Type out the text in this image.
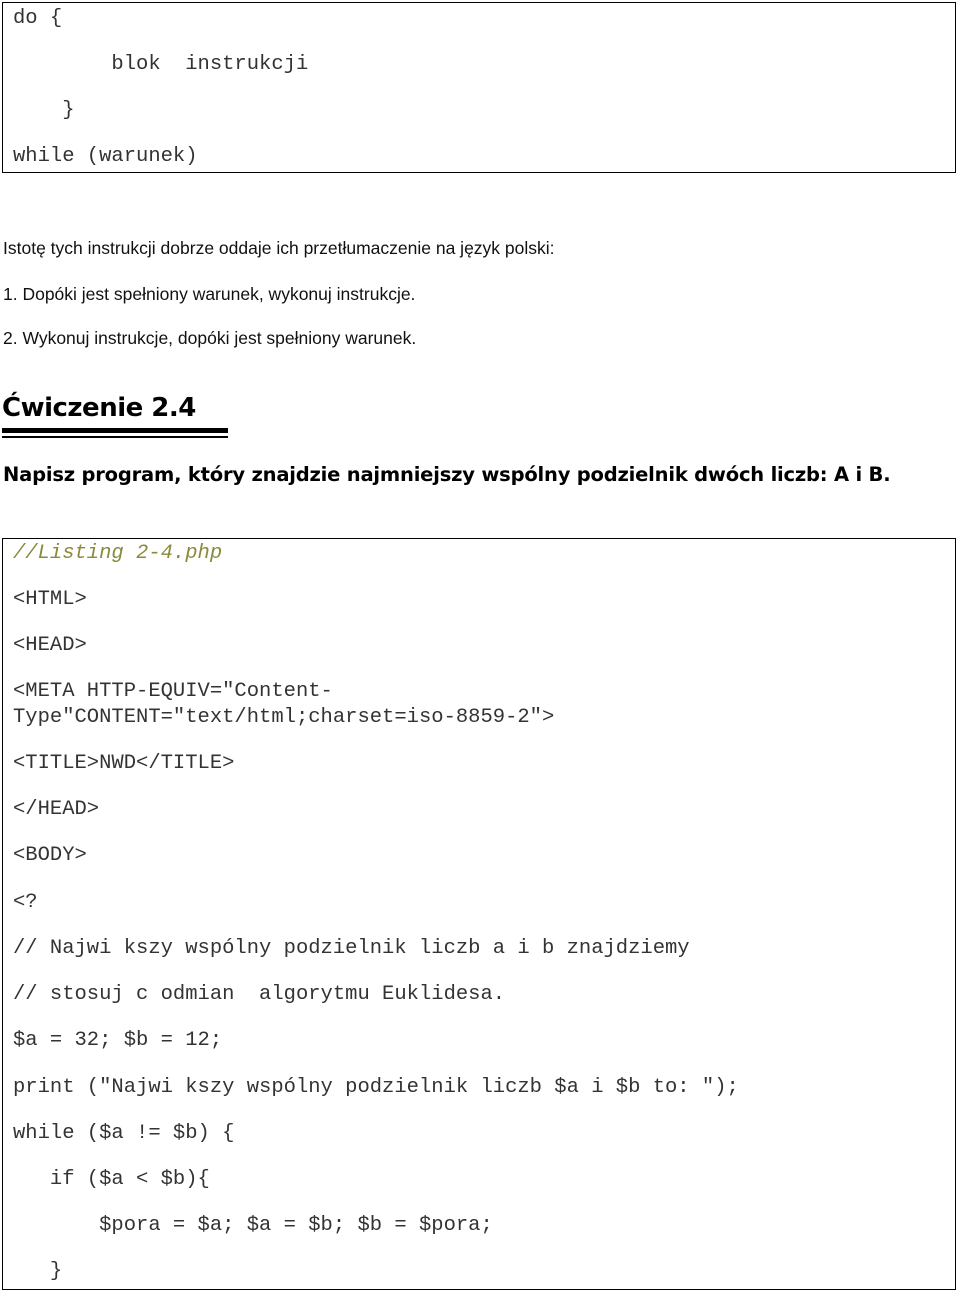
do {
blok  instrukcji
}
while (warunek)
Istotę tych instrukcji dobrze oddaje ich przetłumaczenie na język polski:
1. Dopóki jest spełniony warunek, wykonuj instrukcje.
2. Wykonuj instrukcje, dopóki jest spełniony warunek.
Ćwiczenie 2.4
Napisz program, który znajdzie najmniejszy wspólny podzielnik dwóch liczb: A i B.
//Listing 2-4.php
<HTML>
<HEAD>
<META HTTP-EQUIV="Content-
Type"CONTENT="text/html;charset=iso-8859-2">
<TITLE>NWD</TITLE>
</HEAD>
<BODY>
<?
// Najwi kszy wspólny podzielnik liczb a i b znajdziemy
// stosuj c odmian  algorytmu Euklidesa.
$a = 32; $b = 12;
print ("Najwi kszy wspólny podzielnik liczb $a i $b to: ");
while ($a != $b) {
if ($a < $b){
$pora = $a; $a = $b; $b = $pora;
}
